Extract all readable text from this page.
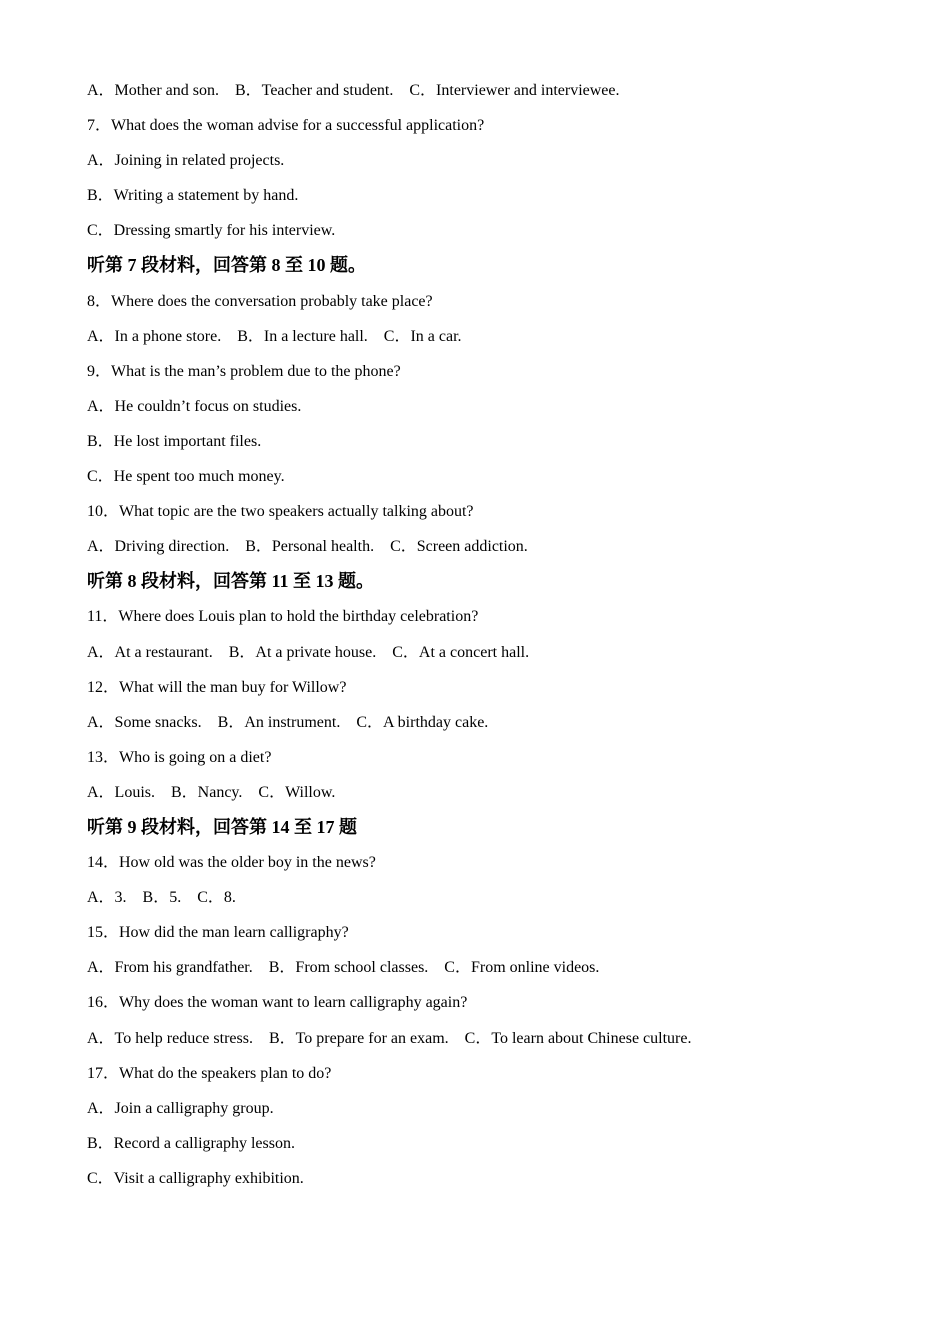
A．Mother and son.　B．Teacher and student.　C．Interviewer and interviewee.
7．What does the woman advise for a successful application?
A．Joining in related projects.
B．Writing a statement by hand.
C．Dressing smartly for his interview.
听第 7 段材料，回答第 8 至 10 题。
8．Where does the conversation probably take place?
A．In a phone store.　B．In a lecture hall.　C．In a car.
9．What is the man’s problem due to the phone?
A．He couldn’t focus on studies.
B．He lost important files.
C．He spent too much money.
10．What topic are the two speakers actually talking about?
A．Driving direction.　B．Personal health.　C．Screen addiction.
听第 8 段材料，回答第 11 至 13 题。
11．Where does Louis plan to hold the birthday celebration?
A．At a restaurant.　B．At a private house.　C．At a concert hall.
12．What will the man buy for Willow?
A．Some snacks.　B．An instrument.　C．A birthday cake.
13．Who is going on a diet?
A．Louis.　B．Nancy.　C．Willow.
听第 9 段材料，回答第 14 至 17 题
14．How old was the older boy in the news?
A．3.　B．5.　C．8.
15．How did the man learn calligraphy?
A．From his grandfather.　B．From school classes.　C．From online videos.
16．Why does the woman want to learn calligraphy again?
A．To help reduce stress.　B．To prepare for an exam.　C．To learn about Chinese culture.
17．What do the speakers plan to do?
A．Join a calligraphy group.
B．Record a calligraphy lesson.
C．Visit a calligraphy exhibition.
